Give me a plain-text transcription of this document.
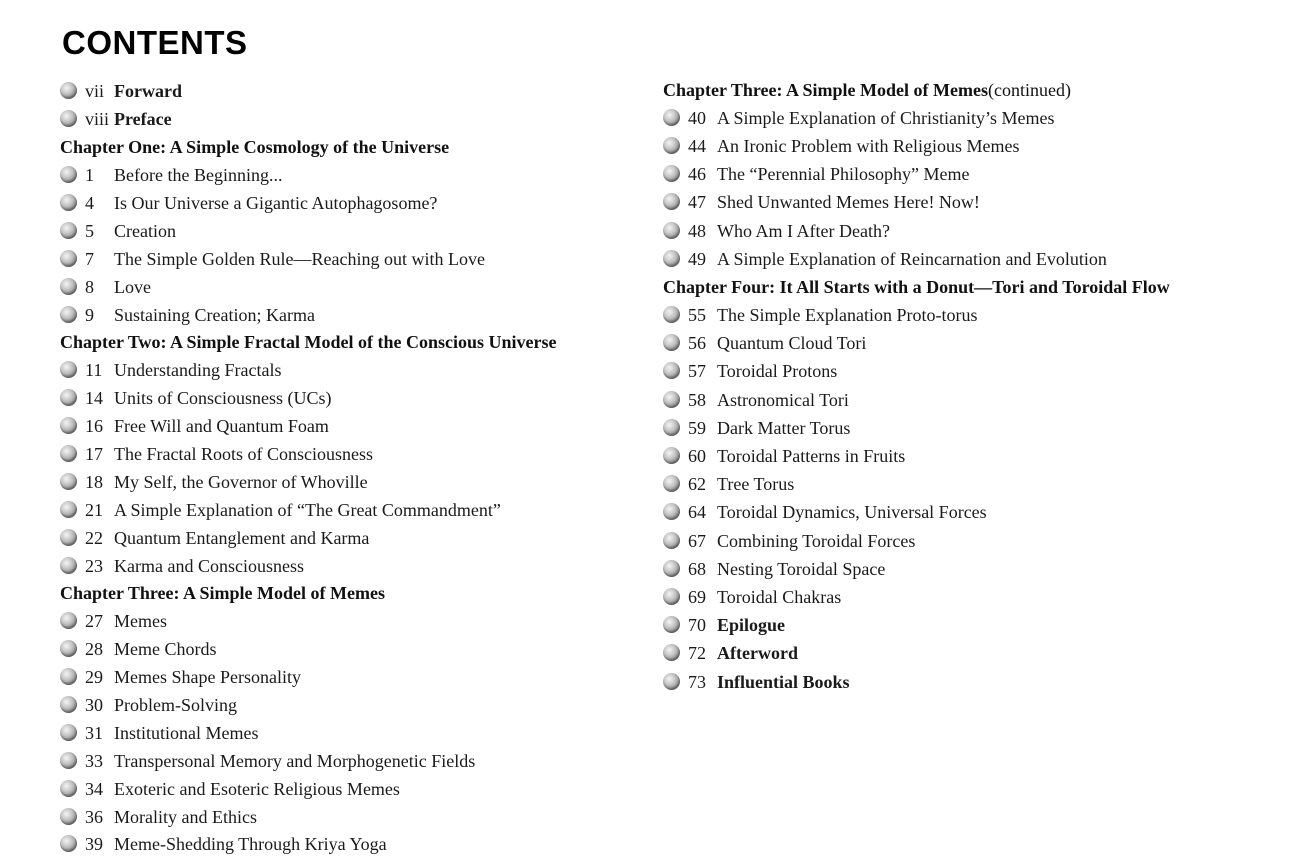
CONTENTS
vii Forward
viii Preface
Chapter One: A Simple Cosmology of the Universe
1	Before the Beginning...
4	Is Our Universe a Gigantic Autophagosome?
5	Creation
7	The Simple Golden Rule—Reaching out with Love
8	Love
9	Sustaining Creation; Karma
Chapter Two: A Simple Fractal Model of the Conscious Universe
11 Understanding Fractals
14 Units of Consciousness (UCs)
16 Free Will and Quantum Foam
17 The Fractal Roots of Consciousness
18 My Self, the Governor of Whoville
21 A Simple Explanation of “The Great Commandment”
22 Quantum Entanglement and Karma
23 Karma and Consciousness
Chapter Three: A Simple Model of Memes
27 Memes
28 Meme Chords
29 Memes Shape Personality
30 Problem-Solving
31 Institutional Memes
33 Transpersonal Memory and Morphogenetic Fields
34 Exoteric and Esoteric Religious Memes
36 Morality and Ethics
39 Meme-Shedding Through Kriya Yoga
Chapter Three: A Simple Model of Memes (continued)
40 A Simple Explanation of Christianity’s Memes
44 An Ironic Problem with Religious Memes
46 The “Perennial Philosophy” Meme
47 Shed Unwanted Memes Here! Now!
48 Who Am I After Death?
49 A Simple Explanation of Reincarnation and Evolution
Chapter Four: It All Starts with a Donut—Tori and Toroidal Flow
55 The Simple Explanation Proto-torus
56 Quantum Cloud Tori
57 Toroidal Protons
58 Astronomical Tori
59 Dark Matter Torus
60 Toroidal Patterns in Fruits
62 Tree Torus
64 Toroidal Dynamics, Universal Forces
67 Combining Toroidal Forces
68 Nesting Toroidal Space
69 Toroidal Chakras
70 Epilogue
72 Afterword
73 Influential Books
